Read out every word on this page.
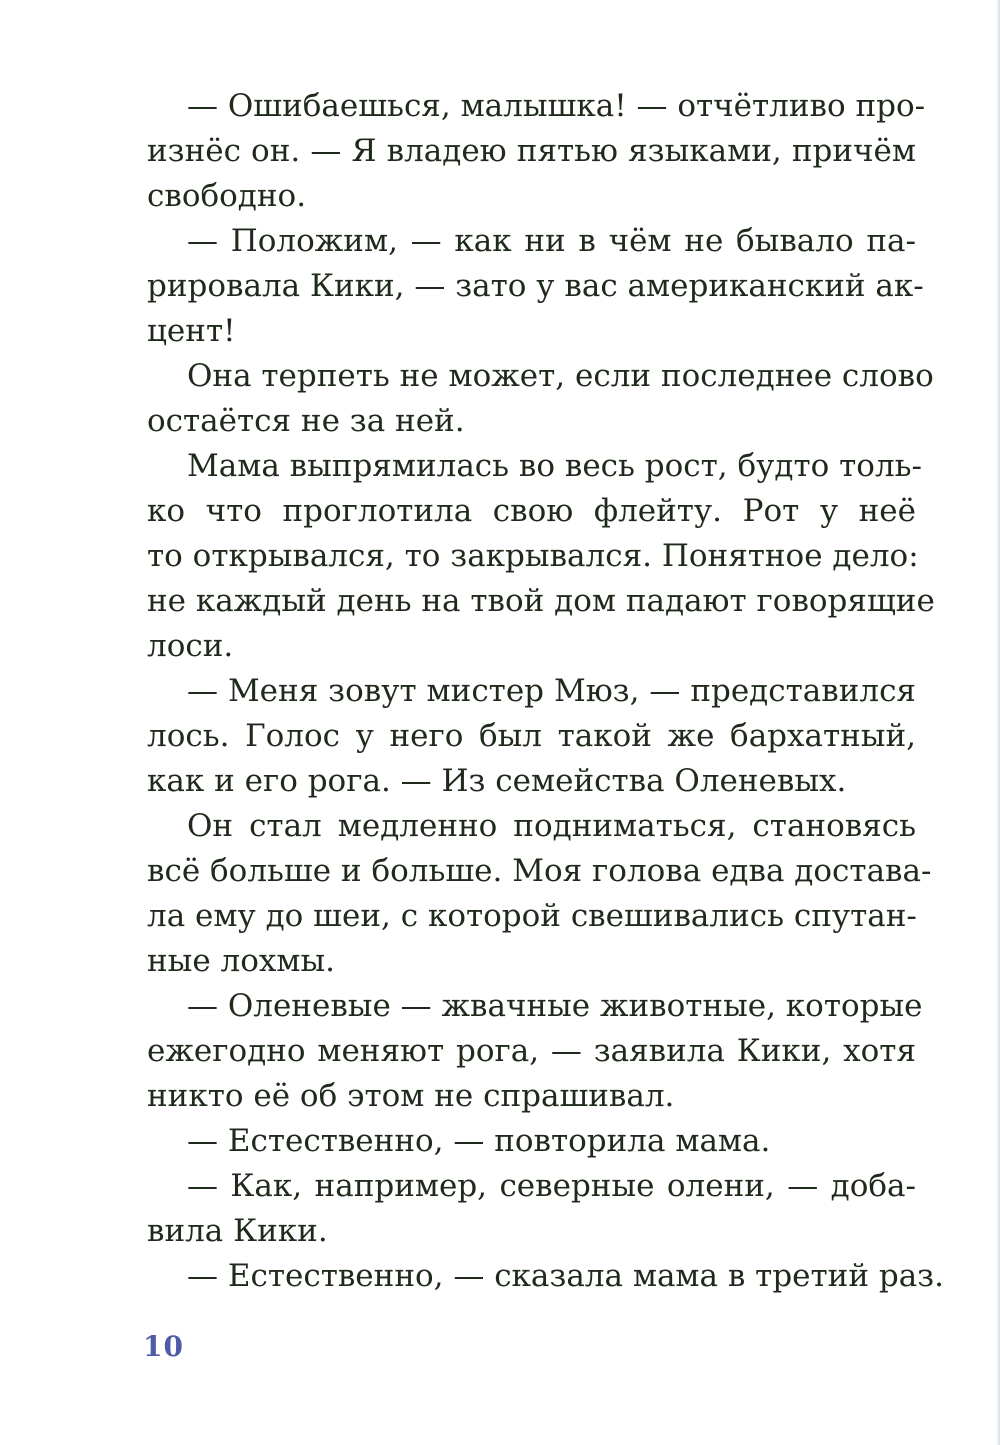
— Ошибаешься, малышка! — отчётливо про-
изнёс он. — Я владею пятью языками, причём
свободно.
— Положим, — как ни в чём не бывало па-
рировала Кики, — зато у вас американский ак-
цент!
Она терпеть не может, если последнее слово
остаётся не за ней.
Мама выпрямилась во весь рост, будто толь-
ко что проглотила свою флейту. Рот у неё
то открывался, то закрывался. Понятное дело:
не каждый день на твой дом падают говорящие
лоси.
— Меня зовут мистер Мюз, — представился
лось. Голос у него был такой же бархатный,
как и его рога. — Из семейства Оленевых.
Он стал медленно подниматься, становясь
всё больше и больше. Моя голова едва достава-
ла ему до шеи, с которой свешивались спутан-
ные лохмы.
— Оленевые — жвачные животные, которые
ежегодно меняют рога, — заявила Кики, хотя
никто её об этом не спрашивал.
— Естественно, — повторила мама.
— Как, например, северные олени, — доба-
вила Кики.
— Естественно, — сказала мама в третий раз.
10
